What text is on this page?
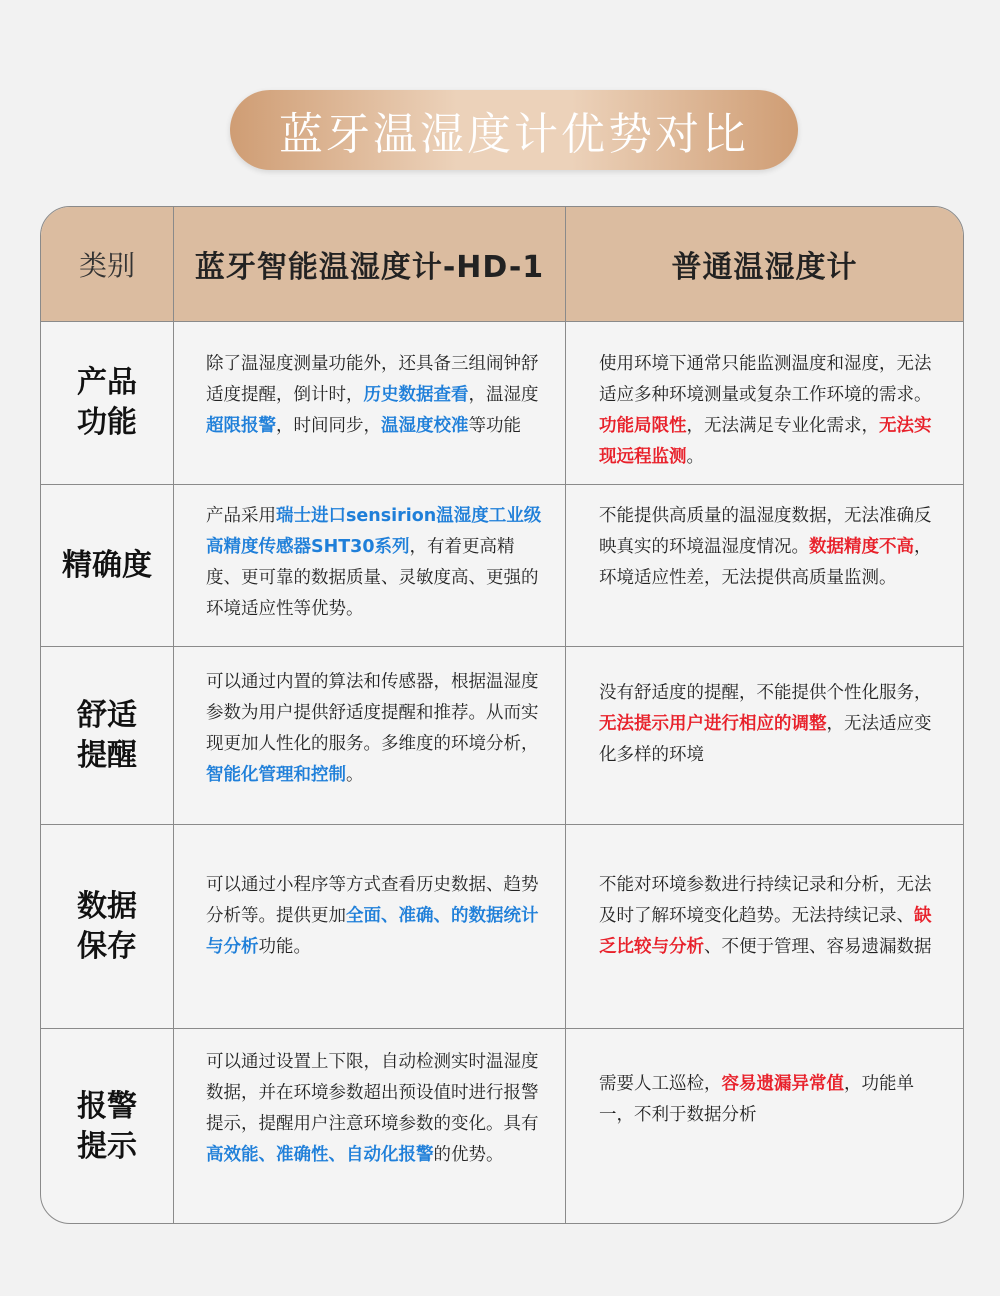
蓝牙温湿度计优势对比
类别	蓝牙智能温湿度计-HD-1	普通温湿度计
产品
功能
除了温湿度测量功能外，还具备三组闹钟舒适度提醒，倒计时，历史数据查看，温湿度超限报警，时间同步，温湿度校准等功能
使用环境下通常只能监测温度和湿度，无法适应多种环境测量或复杂工作环境的需求。功能局限性，无法满足专业化需求，无法实现远程监测。
精确度
产品采用瑞士进口sensirion温湿度工业级高精度传感器SHT30系列，有着更高精度、更可靠的数据质量、灵敏度高、更强的环境适应性等优势。
不能提供高质量的温湿度数据，无法准确反映真实的环境温湿度情况。数据精度不高，环境适应性差，无法提供高质量监测。
舒适
提醒
可以通过内置的算法和传感器，根据温湿度参数为用户提供舒适度提醒和推荐。从而实现更加人性化的服务。多维度的环境分析，智能化管理和控制。
没有舒适度的提醒，不能提供个性化服务，无法提示用户进行相应的调整，无法适应变化多样的环境
数据
保存
可以通过小程序等方式查看历史数据、趋势分析等。提供更加全面、准确、的数据统计与分析功能。
不能对环境参数进行持续记录和分析，无法及时了解环境变化趋势。无法持续记录、缺乏比较与分析、不便于管理、容易遗漏数据
报警
提示
可以通过设置上下限，自动检测实时温湿度数据，并在环境参数超出预设值时进行报警提示，提醒用户注意环境参数的变化。具有高效能、准确性、自动化报警的优势。
需要人工巡检，容易遗漏异常值，功能单一，不利于数据分析
